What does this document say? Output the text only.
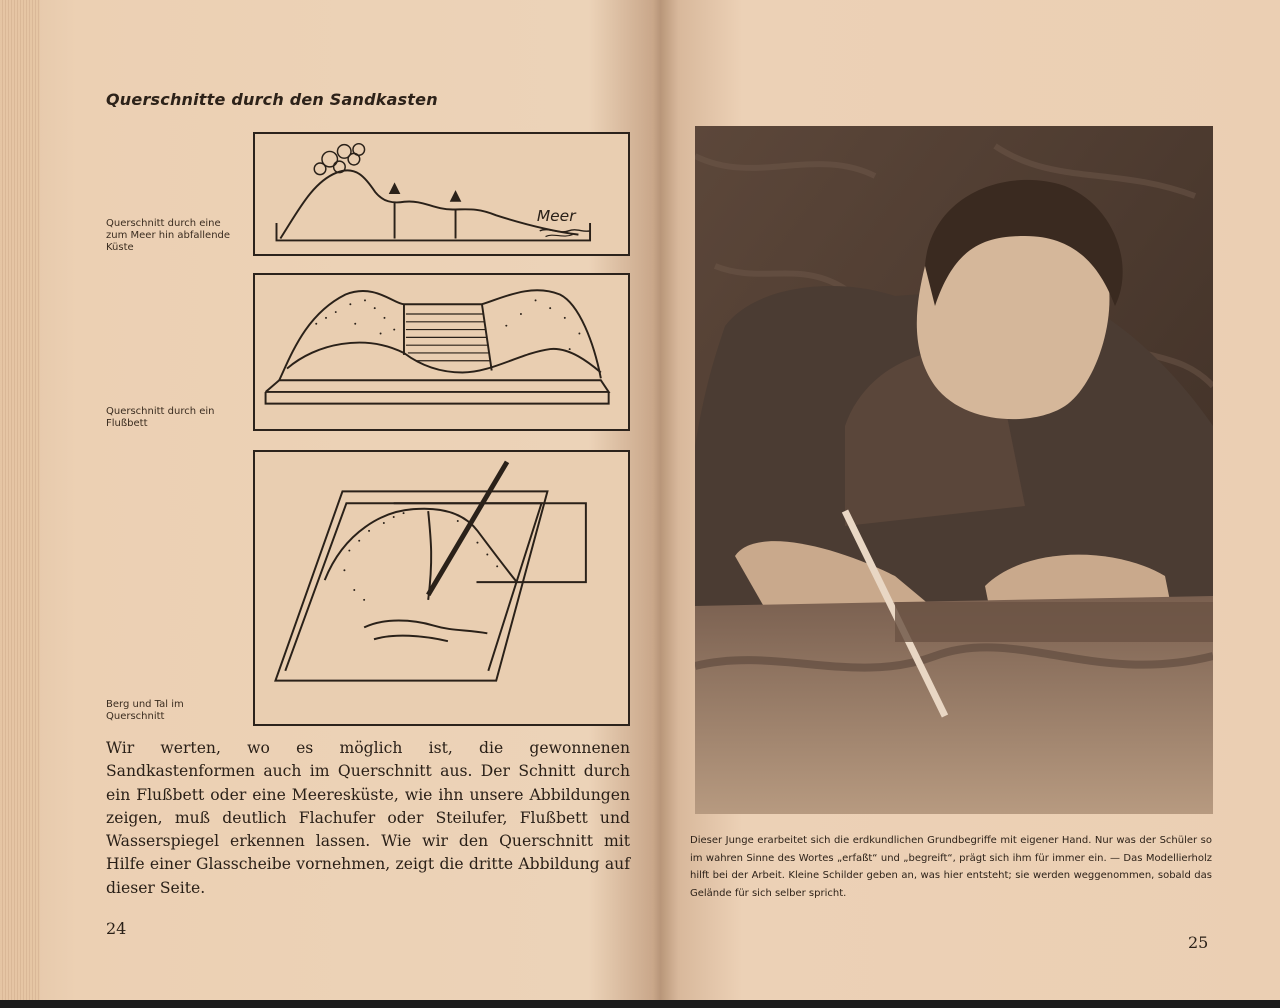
Querschnitte durch den Sandkasten
Querschnitt durch eine zum Meer hin abfallende Küste
Querschnitt durch ein Flußbett
Berg und Tal im Querschnitt
Meer
Wir werten, wo es möglich ist, die gewonnenen Sandkastenformen auch im Querschnitt aus. Der Schnitt durch ein Flußbett oder eine Meeresküste, wie ihn unsere Abbildungen zeigen, muß deutlich Flachufer oder Steilufer, Flußbett und Wasserspiegel erkennen lassen. Wie wir den Querschnitt mit Hilfe einer Glasscheibe vornehmen, zeigt die dritte Abbildung auf dieser Seite.
24
Dieser Junge erarbeitet sich die erdkundlichen Grundbegriffe mit eigener Hand. Nur was der Schüler so im wahren Sinne des Wortes „erfaßt“ und „begreift“, prägt sich ihm für immer ein. — Das Modellierholz hilft bei der Arbeit. Kleine Schilder geben an, was hier entsteht; sie werden weggenommen, sobald das Gelände für sich selber spricht.
25
